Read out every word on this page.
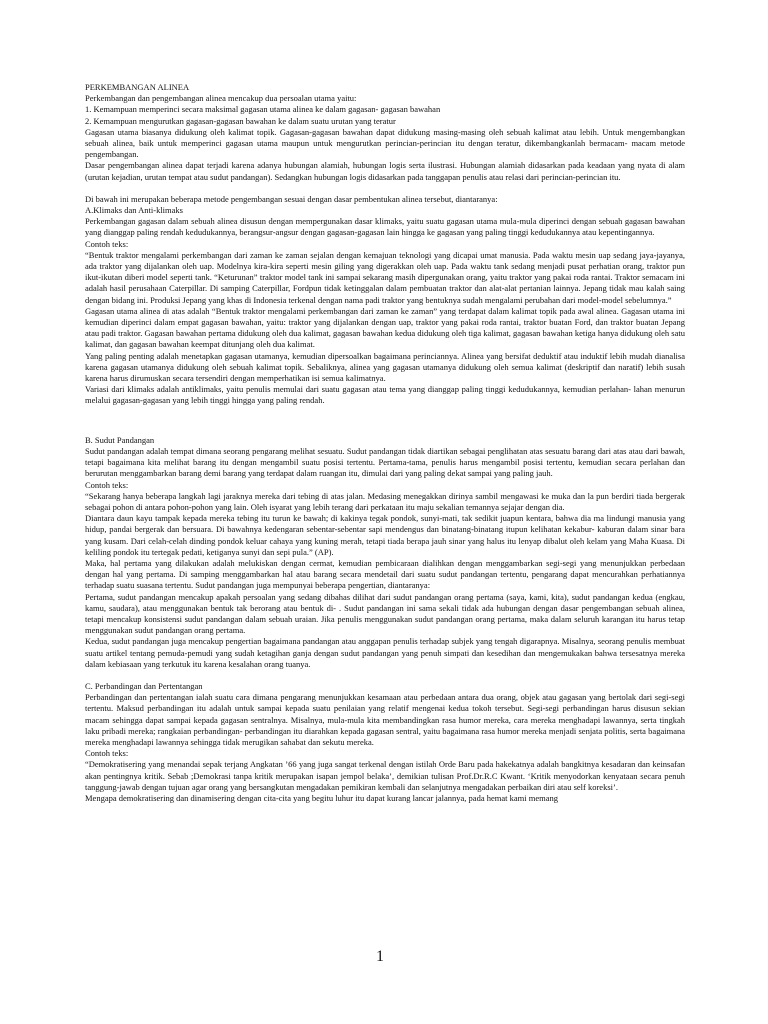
PERKEMBANGAN ALINEA

Perkembangan dan pengembangan alinea mencakup dua persoalan utama yaitu:

1. Kemampuan memperinci secara maksimal gagasan utama alinea ke dalam gagasan- gagasan bawahan

2. Kemampuan mengurutkan gagasan-gagasan bawahan ke dalam suatu urutan yang teratur

Gagasan utama biasanya didukung oleh kalimat topik. Gagasan-gagasan bawahan dapat didukung masing-masing oleh sebuah kalimat atau lebih. Untuk mengembangkan sebuah alinea, baik untuk memperinci gagasan utama maupun untuk mengurutkan perincian-perincian itu dengan teratur, dikembangkanlah bermacam- macam metode pengembangan.

Dasar pengembangan alinea dapat terjadi karena adanya hubungan alamiah, hubungan logis serta ilustrasi. Hubungan alamiah didasarkan pada keadaan yang nyata di alam (urutan kejadian, urutan tempat atau sudut pandangan). Sedangkan hubungan logis didasarkan pada tanggapan penulis atau relasi dari perincian-perincian itu.

Di bawah ini merupakan beberapa metode pengembangan sesuai dengan dasar pembentukan alinea tersebut, diantaranya:

A.Klimaks dan Anti-klimaks

Perkembangan gagasan dalam sebuah alinea disusun dengan mempergunakan dasar klimaks, yaitu suatu gagasan utama mula-mula diperinci dengan sebuah gagasan bawahan yang dianggap paling rendah kedudukannya, berangsur-angsur dengan gagasan-gagasan lain hingga ke gagasan yang paling tinggi kedudukannya atau kepentingannya.

Contoh teks:

“Bentuk traktor mengalami perkembangan dari zaman ke zaman sejalan dengan kemajuan teknologi yang dicapai umat manusia. Pada waktu mesin uap sedang jaya-jayanya, ada traktor yang dijalankan oleh uap. Modelnya kira-kira seperti mesin giling yang digerakkan oleh uap. Pada waktu tank sedang menjadi pusat perhatian orang, traktor pun ikut-ikutan diberi model seperti tank. “Keturunan” traktor model tank ini sampai sekarang masih dipergunakan orang, yaitu traktor yang pakai roda rantai. Traktor semacam ini adalah hasil perusahaan Caterpillar. Di samping Caterpillar, Fordpun tidak ketinggalan dalam pembuatan traktor dan alat-alat pertanian lainnya. Jepang tidak mau kalah saing dengan bidang ini. Produksi Jepang yang khas di Indonesia terkenal dengan nama padi traktor yang bentuknya sudah mengalami perubahan dari model-model sebelumnya.”

Gagasan utama alinea di atas adalah “Bentuk traktor mengalami perkembangan dari zaman ke zaman” yang terdapat dalam kalimat topik pada awal alinea. Gagasan utama ini kemudian diperinci dalam empat gagasan bawahan, yaitu: traktor yang dijalankan dengan uap, traktor yang pakai roda rantai, traktor buatan Ford, dan traktor buatan Jepang atau padi traktor. Gagasan bawahan pertama didukung oleh dua kalimat, gagasan bawahan kedua didukung oleh tiga kalimat, gagasan bawahan ketiga hanya didukung oleh satu kalimat, dan gagasan bawahan keempat ditunjang oleh dua kalimat.

Yang paling penting adalah menetapkan gagasan utamanya, kemudian dipersoalkan bagaimana perinciannya. Alinea yang bersifat deduktif atau induktif lebih mudah dianalisa karena gagasan utamanya didukung oleh sebuah kalimat topik. Sebaliknya, alinea yang gagasan utamanya didukung oleh semua kalimat (deskriptif dan naratif) lebih susah karena harus dirumuskan secara tersendiri dengan memperhatikan isi semua kalimatnya.

Variasi dari klimaks adalah antiklimaks, yaitu penulis memulai dari suatu gagasan atau tema yang dianggap paling tinggi kedudukannya, kemudian perlahan- lahan menurun melalui gagasan-gagasan yang lebih tinggi hingga yang paling rendah.

B. Sudut Pandangan

Sudut pandangan adalah tempat dimana seorang pengarang melihat sesuatu. Sudut pandangan tidak diartikan sebagai penglihatan atas sesuatu barang dari atas atau dari bawah, tetapi bagaimana kita melihat barang itu dengan mengambil suatu posisi tertentu. Pertama-tama, penulis harus mengambil posisi tertentu, kemudian secara perlahan dan berurutan menggambarkan barang demi barang yang terdapat dalam ruangan itu, dimulai dari yang paling dekat sampai yang paling jauh.

Contoh teks:

“Sekarang hanya beberapa langkah lagi jaraknya mereka dari tebing di atas jalan. Medasing menegakkan dirinya sambil mengawasi ke muka dan la pun berdiri tiada bergerak sebagai pohon di antara pohon-pohon yang lain. Oleh isyarat yang lebih terang dari perkataan itu maju sekalian temannya sejajar dengan dia.

Diantara daun kayu tampak kepada mereka tebing itu turun ke bawah; di kakinya tegak pondok, sunyi-mati, tak sedikit juapun kentara, bahwa dia ma lindungi manusia yang hidup, pandai bergerak dan bersuara. Di bawahnya kedengaran sebentar-sebentar sapi mendengus dan binatang-binatang itupun kelihatan kekabur- kaburan dalam sinar bara yang kusam. Dari celah-celah dinding pondok keluar cahaya yang kuning merah, tetapi tiada berapa jauh sinar yang halus itu lenyap dibalut oleh kelam yang Maha Kuasa. Di keliling pondok itu tertegak pedati, ketiganya sunyi dan sepi pula.” (AP).

Maka, hal pertama yang dilakukan adalah melukiskan dengan cermat, kemudian pembicaraan dialihkan dengan menggambarkan segi-segi yang menunjukkan perbedaan dengan hal yang pertama. Di samping menggambarkan hal atau barang secara mendetail dari suatu sudut pandangan tertentu, pengarang dapat mencurahkan perhatiannya terhadap suatu suasana tertentu. Sudut pandangan juga mempunyai beberapa pengertian, diantaranya:

Pertama, sudut pandangan mencakup apakah persoalan yang sedang dibahas dilihat dari sudut pandangan orang pertama (saya, kami, kita), sudut pandangan kedua (engkau, kamu, saudara), atau menggunakan bentuk tak berorang atau bentuk di- . Sudut pandangan ini sama sekali tidak ada hubungan dengan dasar pengembangan sebuah alinea, tetapi mencakup konsistensi sudut pandangan dalam sebuah uraian. Jika penulis menggunakan sudut pandangan orang pertama, maka dalam seluruh karangan itu harus tetap menggunakan sudut pandangan orang pertama.

Kedua, sudut pandangan juga mencakup pengertian bagaimana pandangan atau anggapan penulis terhadap subjek yang tengah digarapnya. Misalnya, seorang penulis membuat suatu artikel tentang pemuda-pemudi yang sudah ketagihan ganja dengan sudut pandangan yang penuh simpati dan kesedihan dan mengemukakan bahwa tersesatnya mereka dalam kebiasaan yang terkutuk itu karena kesalahan orang tuanya.

C. Perbandingan dan Pertentangan

Perbandingan dan pertentangan ialah suatu cara dimana pengarang menunjukkan kesamaan atau perbedaan antara dua orang, objek atau gagasan yang bertolak dari segi-segi tertentu. Maksud perbandingan itu adalah untuk sampai kepada suatu penilaian yang relatif mengenai kedua tokoh tersebut. Segi-segi perbandingan harus disusun sekian macam sehingga dapat sampai kepada gagasan sentralnya. Misalnya, mula-mula kita membandingkan rasa humor mereka, cara mereka menghadapi lawannya, serta tingkah laku pribadi mereka; rangkaian perbandingan- perbandingan itu diarahkan kepada gagasan sentral, yaitu bagaimana rasa humor mereka menjadi senjata politis, serta bagaimana mereka menghadapi lawannya sehingga tidak merugikan sahabat dan sekutu mereka.

Contoh teks:

“Demokratisering yang menandai sepak terjang Angkatan ’66 yang juga sangat terkenal dengan istilah Orde Baru pada hakekatnya adalah bangkitnya kesadaran dan keinsafan akan pentingnya kritik. Sebab ;Demokrasi tanpa kritik merupakan isapan jempol belaka’, demikian tulisan Prof.Dr.R.C Kwant. ‘Kritik menyodorkan kenyataan secara penuh tanggung-jawab dengan tujuan agar orang yang bersangkutan mengadakan pemikiran kembali dan selanjutnya mengadakan perbaikan diri atau self koreksi’.

Mengapa demokratisering dan dinamisering dengan cita-cita yang begitu luhur itu dapat kurang lancar jalannya, pada hemat kami memang

1
